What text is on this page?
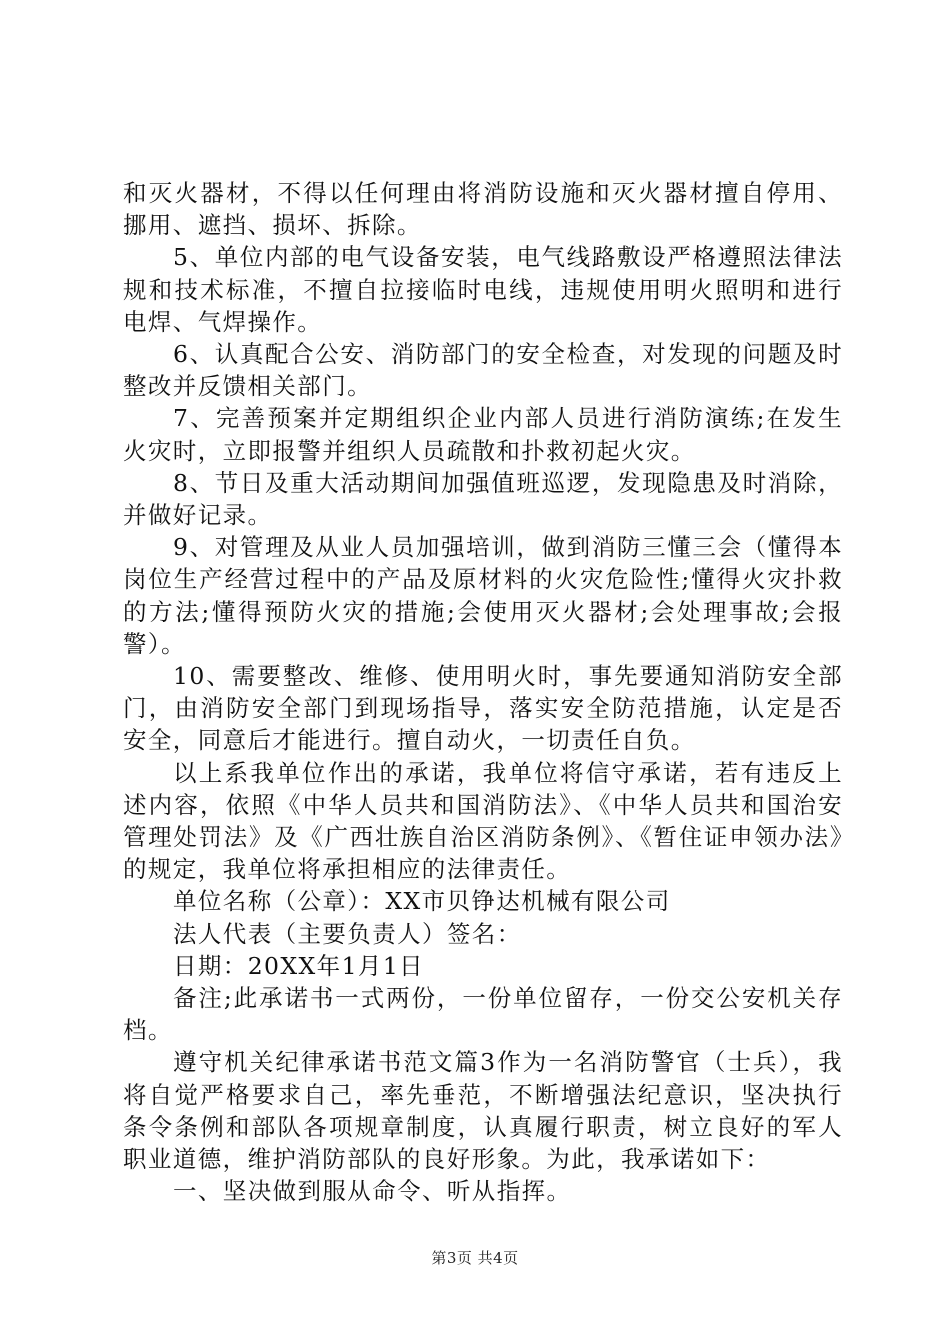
和灭火器材，不得以任何理由将消防设施和灭火器材擅自停用、挪用、遮挡、损坏、拆除。

5、单位内部的电气设备安装，电气线路敷设严格遵照法律法规和技术标准，不擅自拉接临时电线，违规使用明火照明和进行电焊、气焊操作。

6、认真配合公安、消防部门的安全检查，对发现的问题及时整改并反馈相关部门。

7、完善预案并定期组织企业内部人员进行消防演练;在发生火灾时，立即报警并组织人员疏散和扑救初起火灾。

8、节日及重大活动期间加强值班巡逻，发现隐患及时消除，并做好记录。

9、对管理及从业人员加强培训，做到消防三懂三会（懂得本岗位生产经营过程中的产品及原材料的火灾危险性;懂得火灾扑救的方法;懂得预防火灾的措施;会使用灭火器材;会处理事故;会报警）。

10、需要整改、维修、使用明火时，事先要通知消防安全部门，由消防安全部门到现场指导，落实安全防范措施，认定是否安全，同意后才能进行。擅自动火，一切责任自负。

以上系我单位作出的承诺，我单位将信守承诺，若有违反上述内容，依照《中华人员共和国消防法》、《中华人员共和国治安管理处罚法》及《广西壮族自治区消防条例》、《暂住证申领办法》的规定，我单位将承担相应的法律责任。

单位名称（公章）：XX市贝铮达机械有限公司

法人代表（主要负责人）签名：

日期：20XX年1月1日

备注;此承诺书一式两份，一份单位留存，一份交公安机关存档。

遵守机关纪律承诺书范文篇3作为一名消防警官（士兵），我将自觉严格要求自己，率先垂范，不断增强法纪意识，坚决执行条令条例和部队各项规章制度，认真履行职责，树立良好的军人职业道德，维护消防部队的良好形象。为此，我承诺如下：

一、坚决做到服从命令、听从指挥。

第3页 共4页
